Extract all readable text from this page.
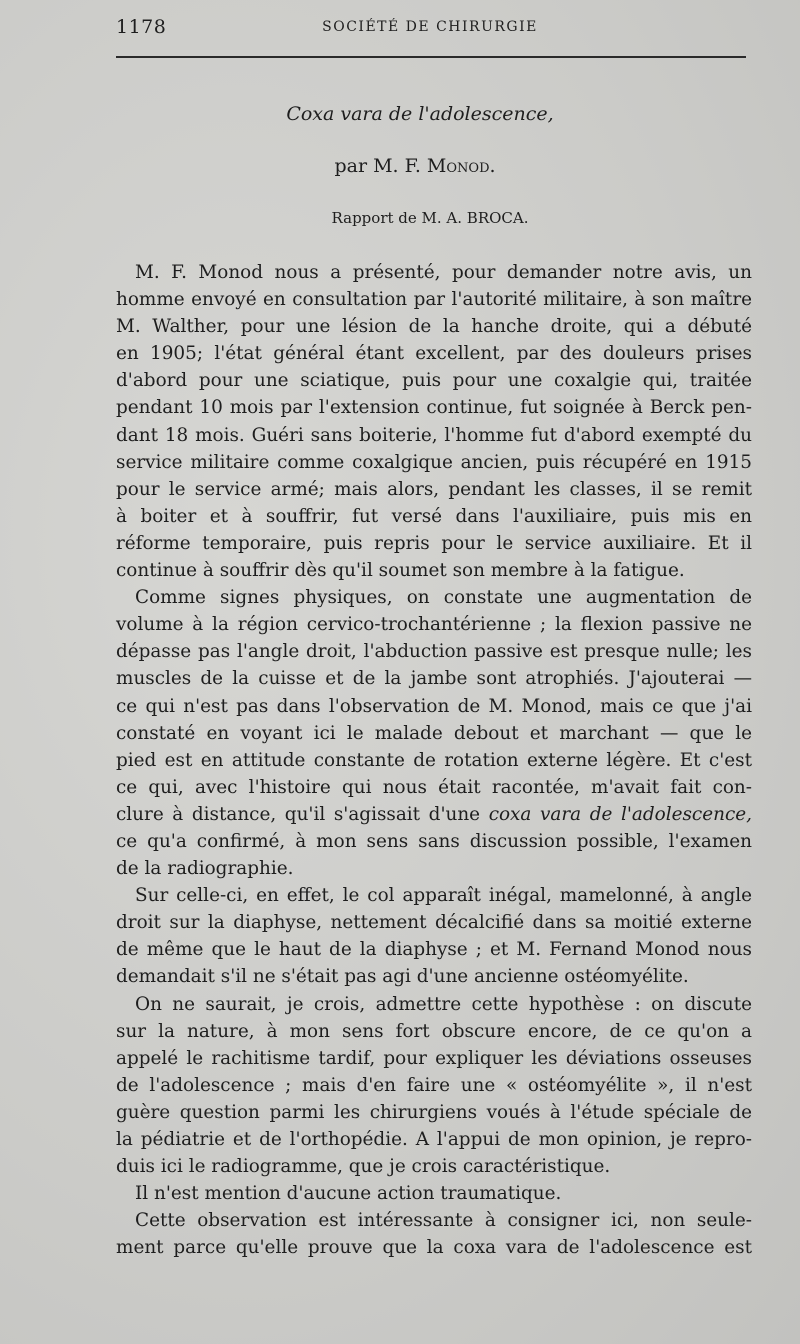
1178	SOCIÉTÉ DE CHIRURGIE
Coxa vara de l'adolescence,
par M. F. Monod.
Rapport de M. A. BROCA.
M. F. Monod nous a présenté, pour demander notre avis, un
homme envoyé en consultation par l'autorité militaire, à son maître
M. Walther, pour une lésion de la hanche droite, qui a débuté
en 1905; l'état général étant excellent, par des douleurs prises
d'abord pour une sciatique, puis pour une coxalgie qui, traitée
pendant 10 mois par l'extension continue, fut soignée à Berck pen-
dant 18 mois. Guéri sans boiterie, l'homme fut d'abord exempté du
service militaire comme coxalgique ancien, puis récupéré en 1915
pour le service armé; mais alors, pendant les classes, il se remit
à boiter et à souffrir, fut versé dans l'auxiliaire, puis mis en
réforme temporaire, puis repris pour le service auxiliaire. Et il
continue à souffrir dès qu'il soumet son membre à la fatigue.
Comme signes physiques, on constate une augmentation de
volume à la région cervico-trochantérienne ; la flexion passive ne
dépasse pas l'angle droit, l'abduction passive est presque nulle; les
muscles de la cuisse et de la jambe sont atrophiés. J'ajouterai —
ce qui n'est pas dans l'observation de M. Monod, mais ce que j'ai
constaté en voyant ici le malade debout et marchant — que le
pied est en attitude constante de rotation externe légère. Et c'est
ce qui, avec l'histoire qui nous était racontée, m'avait fait con-
clure à distance, qu'il s'agissait d'une coxa vara de l'adolescence,
ce qu'a confirmé, à mon sens sans discussion possible, l'examen
de la radiographie.
Sur celle-ci, en effet, le col apparaît inégal, mamelonné, à angle
droit sur la diaphyse, nettement décalcifié dans sa moitié externe
de même que le haut de la diaphyse ; et M. Fernand Monod nous
demandait s'il ne s'était pas agi d'une ancienne ostéomyélite.
On ne saurait, je crois, admettre cette hypothèse : on discute
sur la nature, à mon sens fort obscure encore, de ce qu'on a
appelé le rachitisme tardif, pour expliquer les déviations osseuses
de l'adolescence ; mais d'en faire une « ostéomyélite », il n'est
guère question parmi les chirurgiens voués à l'étude spéciale de
la pédiatrie et de l'orthopédie. A l'appui de mon opinion, je repro-
duis ici le radiogramme, que je crois caractéristique.
Il n'est mention d'aucune action traumatique.
Cette observation est intéressante à consigner ici, non seule-
ment parce qu'elle prouve que la coxa vara de l'adolescence est
